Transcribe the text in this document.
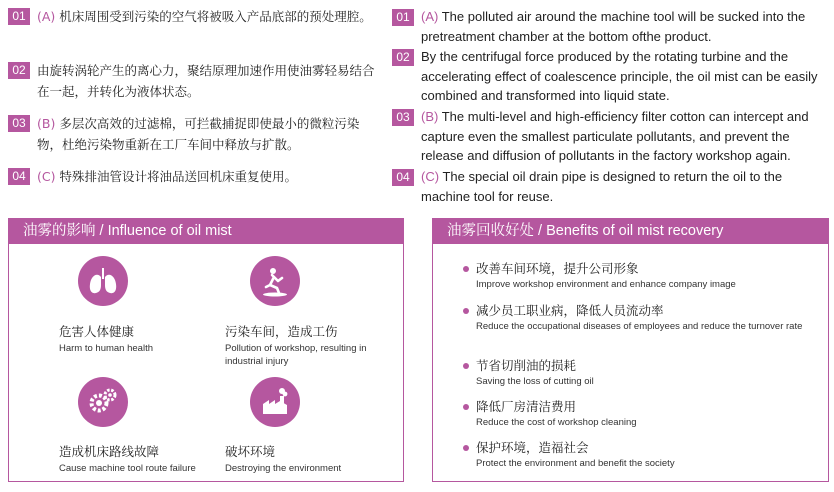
01 (A) 机床周围受到污染的空气将被吸入产品底部的预处理腔。
02 由旋转涡轮产生的离心力，聚结原理加速作用使油雾轻易结合在一起，并转化为液体状态。
03 (B) 多层次高效的过滤棉，可拦截捕捉即使最小的微粒污染物，杜绝污染物重新在工厂车间中释放与扩散。
04 (C) 特殊排油管设计将油品送回机床重复使用。
01 (A) The polluted air around the machine tool will be sucked into the pretreatment chamber at the bottom ofthe product.
02 By the centrifugal force produced by the rotating turbine and the accelerating effect of coalescence principle, the oil mist can be easily combined and transformed into liquid state.
03 (B) The multi-level and high-efficiency filter cotton can intercept and capture even the smallest particulate pollutants, and prevent the release and diffusion of pollutants in the factory workshop again.
04 (C) The special oil drain pipe is designed to return the oil to the machine tool for reuse.
油雾的影响 / Influence of oil mist
危害人体健康
Harm to human health
污染车间，造成工伤
Pollution of workshop, resulting in industrial injury
造成机床路线故障
Cause machine tool route failure
破坏环境
Destroying the environment
油雾回收好处 / Benefits of oil mist recovery
改善车间环境，提升公司形象
Improve workshop environment and enhance company image
减少员工职业病，降低人员流动率
Reduce the occupational diseases of employees and reduce the turnover rate
节省切削油的损耗
Saving the loss of cutting oil
降低厂房清洁费用
Reduce the cost of workshop cleaning
保护环境，造福社会
Protect the environment and benefit the society
